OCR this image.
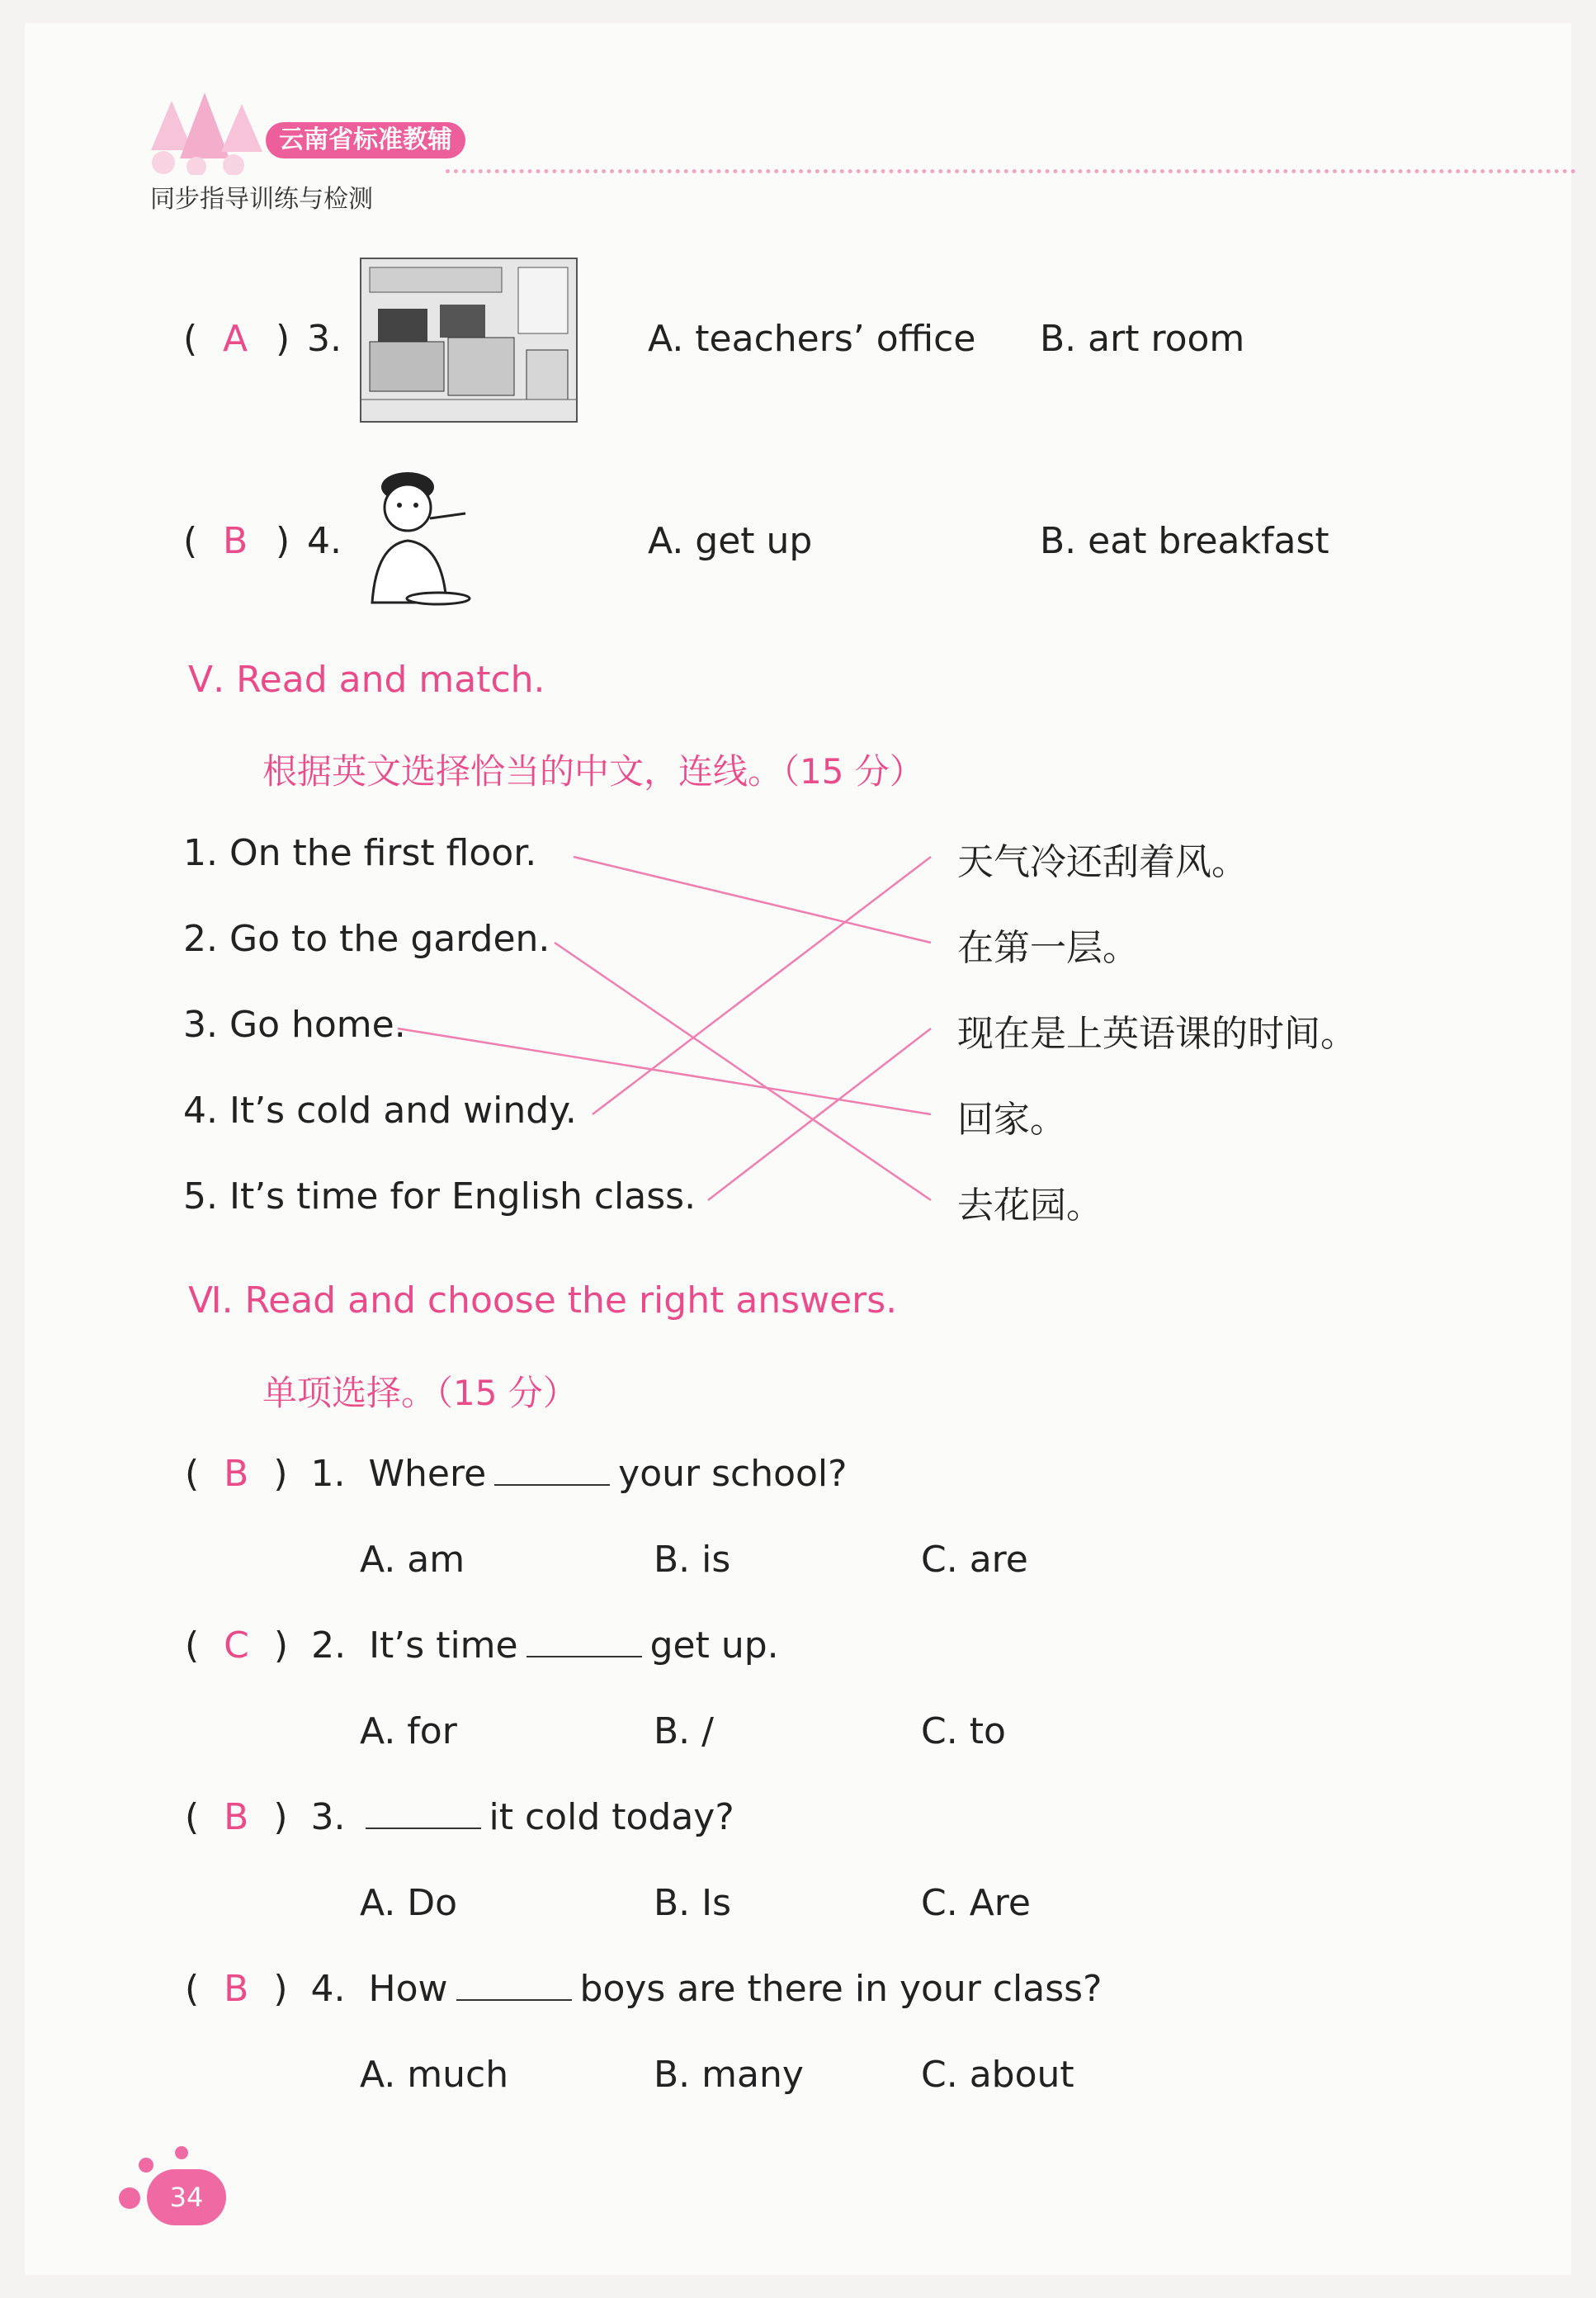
云南省标准教辅
同步指导训练与检测
( A ) 3.	A. teachers’ office B. art room
( B ) 4.	A. get up	B. eat breakfast
Ⅴ. Read and match.
根据英文选择恰当的中文，连线。（15 分）
1. On the first floor.
2. Go to the garden.
3. Go home.
4. It’s cold and windy.
5. It’s time for English class.
天气冷还刮着风。
在第一层。
现在是上英语课的时间。
回家。
去花园。
Ⅵ. Read and choose the right answers.
单项选择。（15 分）
( B ) 1. Where	your school?
A. am	B. is	C. are
( C ) 2. It’s time	get up.
A. for	B. /	C. to
( B ) 3.	it cold today?
A. Do	B. Is	C. Are
( B ) 4. How	boys are there in your class?
A. much	B. many	C. about
34
